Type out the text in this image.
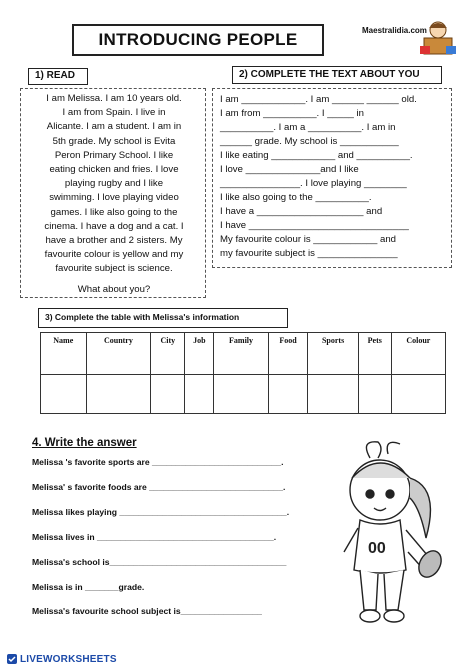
INTRODUCING PEOPLE	Maestralidia.com
1) READ
I am Melissa. I am 10 years old.
I am from Spain. I live in
Alicante. I am a student. I am in
5th grade. My school is Evita
Peron Primary School. I like
eating chicken and fries. I love
playing rugby and I like
swimming. I love playing video
games. I like also going to the
cinema. I have a dog and a cat. I
have a brother and 2 sisters. My
favourite colour is yellow and my
favourite subject is science.
What about you?
2) COMPLETE THE TEXT ABOUT YOU
I am ____________. I am ______ ______ old.
I am from __________. I _____ in
__________. I am a __________. I am in
______ grade. My school is ___________
I like eating ____________ and __________.
I love ______________and I like
_______________. I love playing ________
I like also going to the __________.
I have a ____________________ and
I have ______________________________
My favourite colour is ____________ and
my favourite subject is _______________
3) Complete the table with Melissa's information
Name	Country	City	Job	Family	Food	Sports	Pets	Colour

4. Write the answer
Melissa 's favorite sports are ___________________________.
Melissa' s favorite foods are ____________________________.
Melissa likes playing ___________________________________.
Melissa lives in _____________________________________.
Melissa's school is_____________________________________
Melissa is in _______grade.
Melissa's favourite school subject is_________________
00
LIVEWORKSHEETS
